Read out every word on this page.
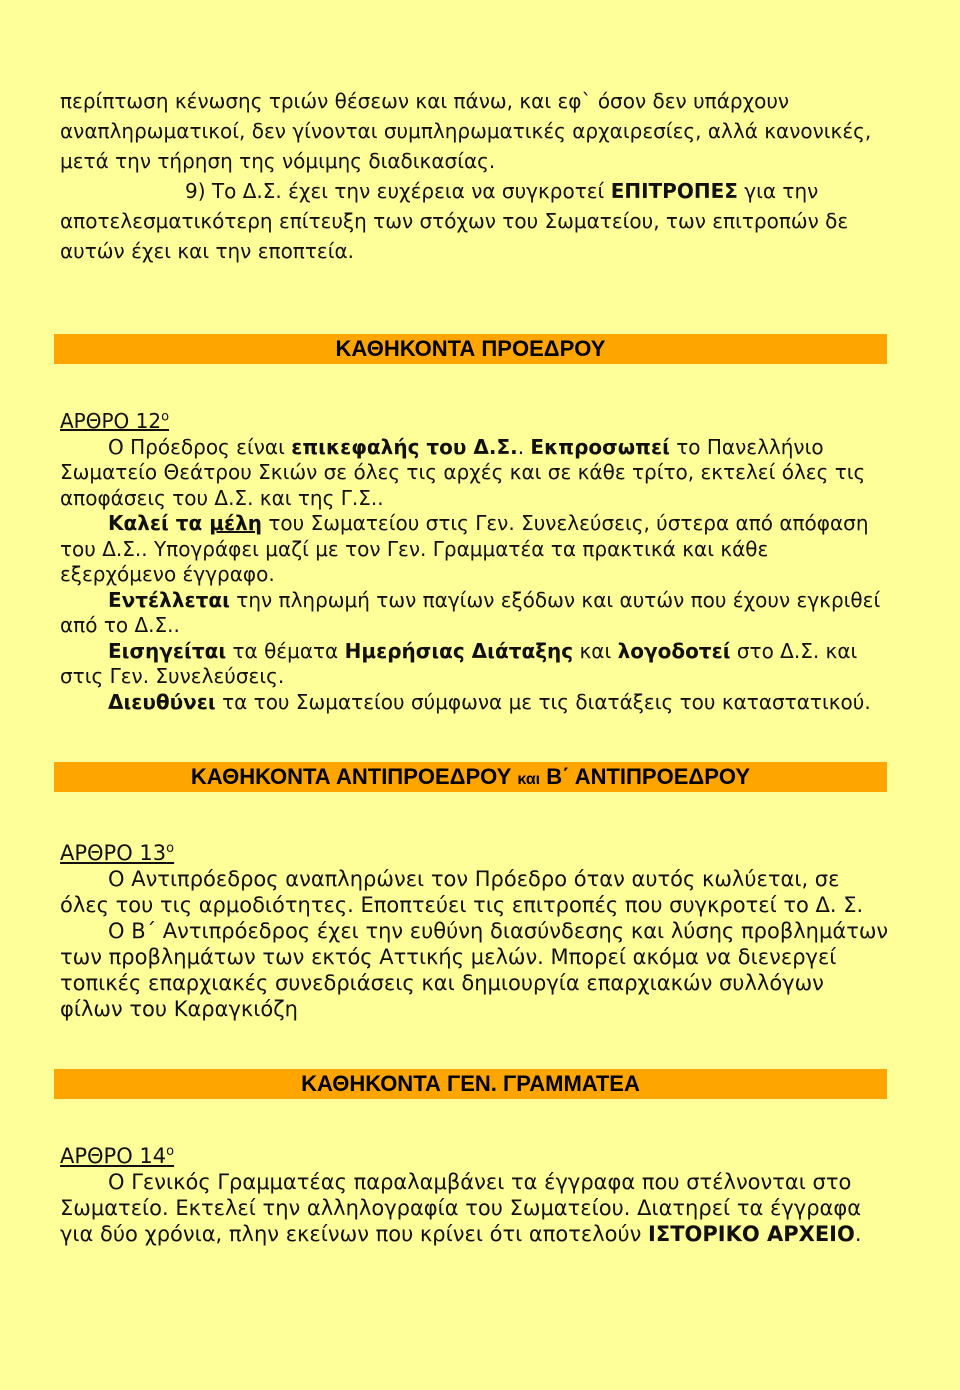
περίπτωση κένωσης τριών θέσεων και πάνω, και εφ` όσον δεν υπάρχουν αναπληρωματικοί, δεν γίνονται συμπληρωματικές αρχαιρεσίες, αλλά κανονικές, μετά την τήρηση της νόμιμης διαδικασίας.

9) Το Δ.Σ. έχει την ευχέρεια να συγκροτεί ΕΠΙΤΡΟΠΕΣ για την αποτελεσματικότερη επίτευξη των στόχων του Σωματείου, των επιτροπών δε αυτών έχει και την εποπτεία.

ΚΑΘΗΚΟΝΤΑ ΠΡΟΕΔΡΟΥ
ΑΡΘΡΟ $12^o$
Ο Πρόεδρος είναι επικεφαλής του Δ.Σ.. Εκπροσωπεί το Πανελλήνιο Σωματείο Θεάτρου Σκιών σε όλες τις αρχές και σε κάθε τρίτο, εκτελεί όλες τις αποφάσεις του Δ.Σ. και της Γ.Σ..
Καλεί τα μέλη του Σωματείου στις Γεν. Συνελεύσεις, ύστερα από απόφαση του Δ.Σ.. Υπογράφει μαζί με τον Γεν. Γραμματέα τα πρακτικά και κάθε εξερχόμενο έγγραφο.
Εντέλλεται την πληρωμή των παγίων εξόδων και αυτών που έχουν εγκριθεί από το Δ.Σ..
Εισηγείται τα θέματα Ημερήσιας Διάταξης και λογοδοτεί στο Δ.Σ. και στις Γεν. Συνελεύσεις.
Διευθύνει τα του Σωματείου σύμφωνα με τις διατάξεις του καταστατικού.
ΚΑΘΗΚΟΝΤΑ ΑΝΤΙΠΡΟΕΔΡΟΥ και Β΄ ΑΝΤΙΠΡΟΕΔΡΟΥ
ΑΡΘΡΟ $13^o$
Ο Αντιπρόεδρος αναπληρώνει τον Πρόεδρο όταν αυτός κωλύεται, σε όλες του τις αρμοδιότητες. Εποπτεύει τις επιτροπές που συγκροτεί το Δ. Σ.
Ο Β΄ Αντιπρόεδρος έχει την ευθύνη διασύνδεσης και λύσης προβλημάτων των προβλημάτων των εκτός Αττικής μελών. Μπορεί ακόμα να διενεργεί τοπικές επαρχιακές συνεδριάσεις και δημιουργία επαρχιακών συλλόγων φίλων του Καραγκιόζη
ΚΑΘΗΚΟΝΤΑ ΓΕΝ. ΓΡΑΜΜΑΤΕΑ
ΑΡΘΡΟ $14^o$
Ο Γενικός Γραμματέας παραλαμβάνει τα έγγραφα που στέλνονται στο Σωματείο. Εκτελεί την αλληλογραφία του Σωματείου. Διατηρεί τα έγγραφα για δύο χρόνια, πλην εκείνων που κρίνει ότι αποτελούν ΙΣΤΟΡΙΚΟ ΑΡΧΕΙΟ.
